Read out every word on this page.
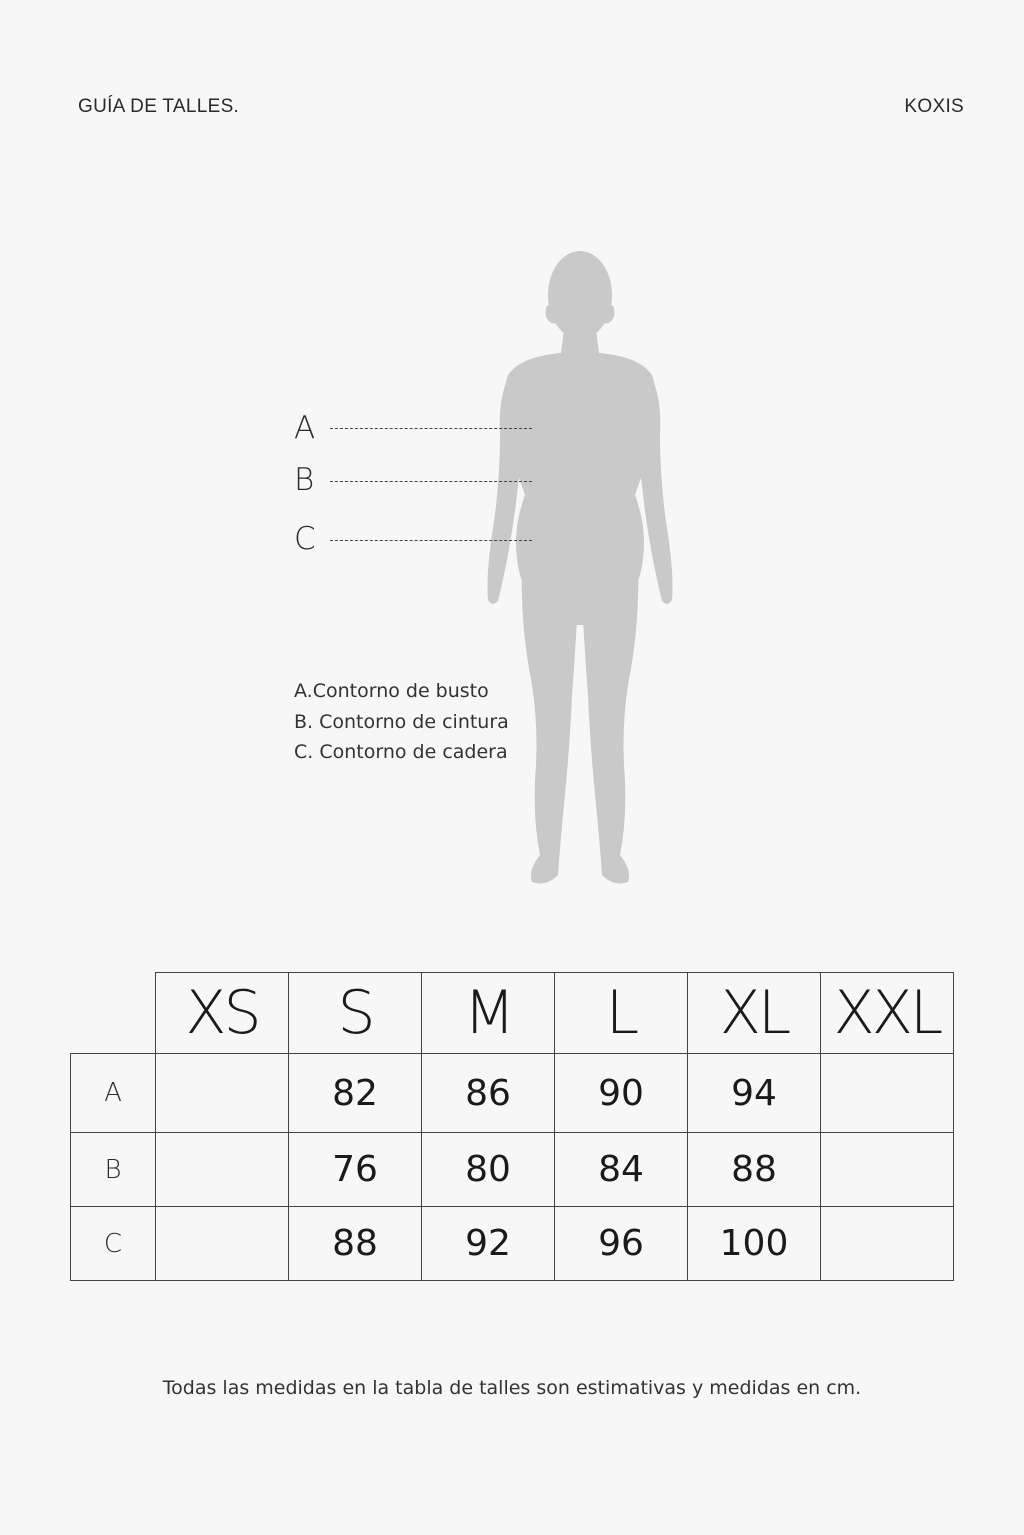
GUÍA DE TALLES.	KOXIS
A
B
C
A.Contorno de busto
B. Contorno de cintura
C. Contorno de cadera
	XS	S	M	L	XL	XXL
A		82	86	90	94	
B		76	80	84	88	
C		88	92	96	100	
Todas las medidas en la tabla de talles son estimativas y medidas en cm.
